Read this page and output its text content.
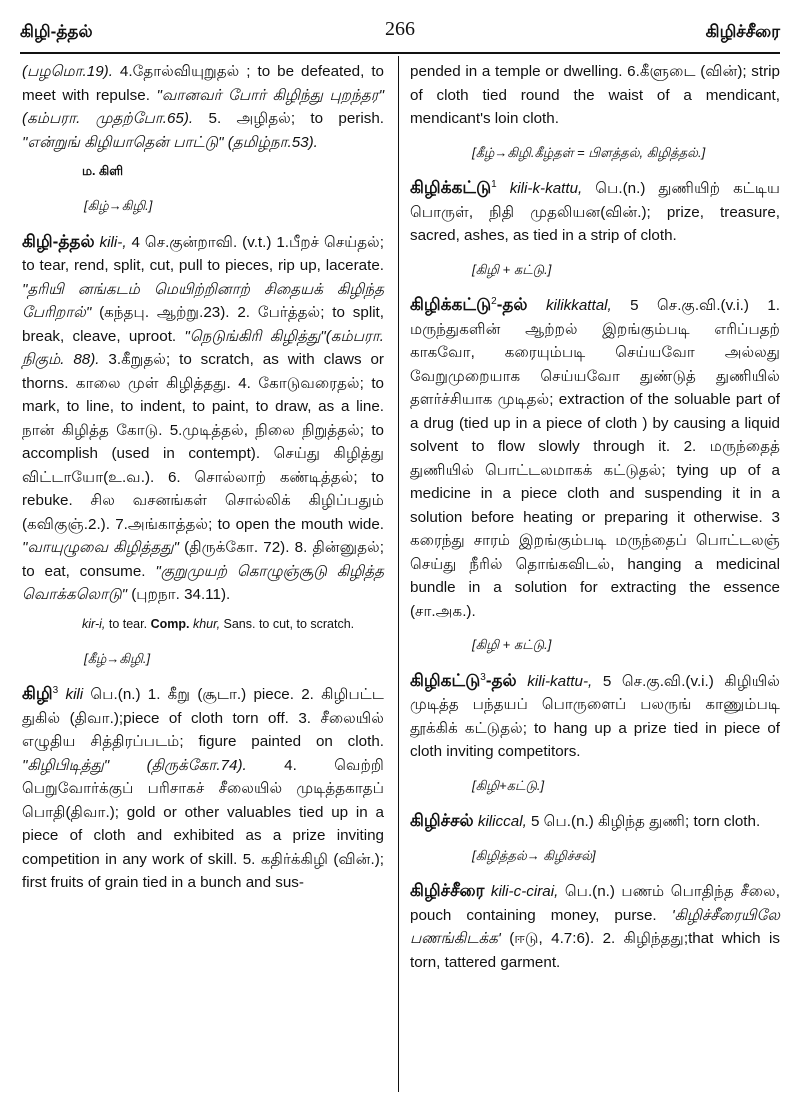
கிழி-த்தல்	266	கிழிச்சீரை

(பழமொ.19). 4.தோல்வியுறுதல் ; to be defeated, to meet with repulse. "வானவர் போர் கிழிந்து புறந்தர" (கம்பரா. முதற்போ.65). 5. அழிதல்; to perish. "என்றுங் கிழியாதென் பாட்டு" (தமிழ்நா.53).

ம. கிளி

[கிழ்→கிழி.]

கிழி-த்தல் kili-, 4 செ.குன்றாவி. (v.t.) 1.பீறச் செய்தல்; to tear, rend, split, cut, pull to pieces, rip up, lacerate. "தரியி னங்கடம் மெயிற்றினாற் சிதையக் கிழிந்த பேரிறால்" (கந்தபு. ஆற்று.23). 2. பேர்த்தல்; to split, break, cleave, uproot. "நெடுங்கிரி கிழித்து"(கம்பரா. நிகும். 88). 3.கீறுதல்; to scratch, as with claws or thorns. காலை முள் கிழித்தது. 4. கோடுவரைதல்; to mark, to line, to indent, to paint, to draw, as a line. நான் கிழித்த கோடு. 5.முடித்தல், நிலை நிறுத்தல்; to accomplish (used in contempt). செய்து கிழித்து விட்டாயோ(உ.வ.). 6. சொல்லாற் கண்டித்தல்; to rebuke. சில வசனங்கள் சொல்லிக் கிழிப்பதும் (கவிகுஞ்.2.). 7.அங்காத்தல்; to open the mouth wide. "வாயுழுவை கிழித்தது" (திருக்கோ. 72). 8. தின்னுதல்; to eat, consume. "குறுமுயற் கொழுஞ்சூடு கிழித்த வொக்கலொடு" (புறநா. 34.11).

kir-i, to tear. Comp. khur, Sans. to cut, to scratch.

[கீழ்→கிழி.]

கிழி$^3$ kili பெ.(n.) 1. கீறு (சூடா.) piece. 2. கிழிபட்ட துகில் (திவா.);piece of cloth torn off. 3. சீலையில் எழுதிய சித்திரப்படம்; figure painted on cloth. "கிழிபிடித்து" (திருக்கோ.74). 4. வெற்றி பெறுவோர்க்குப் பரிசாகச் சீலையில் முடித்தகாதப் பொதி(திவா.); gold or other valuables tied up in a piece of cloth and exhibited as a prize inviting competition in any work of skill. 5. கதிர்க்கிழி (வின்.); first fruits of grain tied in a bunch and sus-

pended in a temple or dwelling. 6.கீளுடை (வின்); strip of cloth tied round the waist of a mendicant, mendicant's loin cloth.

[கீழ்→கிழி.கீழ்தள் = பிளத்தல், கிழித்தல்.]

கிழிக்கட்டு$^1$ kili-k-kattu, பெ.(n.) துணியிற் கட்டிய பொருள், நிதி முதலியன(வின்.); prize, treasure, sacred, ashes, as tied in a strip of cloth.

[கிழி + கட்டு.]

கிழிக்கட்டு$^2$-தல் kilikkattal, 5 செ.கு.வி.(v.i.) 1. மருந்துகளின் ஆற்றல் இறங்கும்படி எரிப்பதற் காகவோ, கரையும்படி செய்யவோ அல்லது வேறுமுறையாக செய்யவோ துண்டுத் துணியில் தளர்ச்சியாக முடிதல்; extraction of the soluable part of a drug (tied up in a piece of cloth ) by causing a liquid solvent to flow slowly through it. 2. மருந்தைத் துணியில் பொட்டலமாகக் கட்டுதல்; tying up of a medicine in a piece cloth and suspending it in a solution before heating or preparing it otherwise. 3 கரைந்து சாரம் இறங்கும்படி மருந்தைப் பொட்டலஞ் செய்து நீரில் தொங்கவிடல், hanging a medicinal bundle in a solution for extracting the essence (சா.அக.).

[கிழி + கட்டு.]

கிழிகட்டு$^3$-தல் kili-kattu-, 5 செ.கு.வி.(v.i.) கிழியில் முடித்த பந்தயப் பொருளைப் பலருங் காணும்படி தூக்கிக் கட்டுதல்; to hang up a prize tied in piece of cloth inviting competitors.

[கிழி+கட்டு.]

கிழிச்சல் kiliccal, 5 பெ.(n.) கிழிந்த துணி; torn cloth.

[கிழித்தல்→ கிழிச்சல்]

கிழிச்சீரை kili-c-cirai, பெ.(n.) பணம் பொதிந்த சீலை, pouch containing money, purse. 'கிழிச்சீரையிலே பணங்கிடக்க' (ஈடு, 4.7:6). 2. கிழிந்தது;that which is torn, tattered garment.
